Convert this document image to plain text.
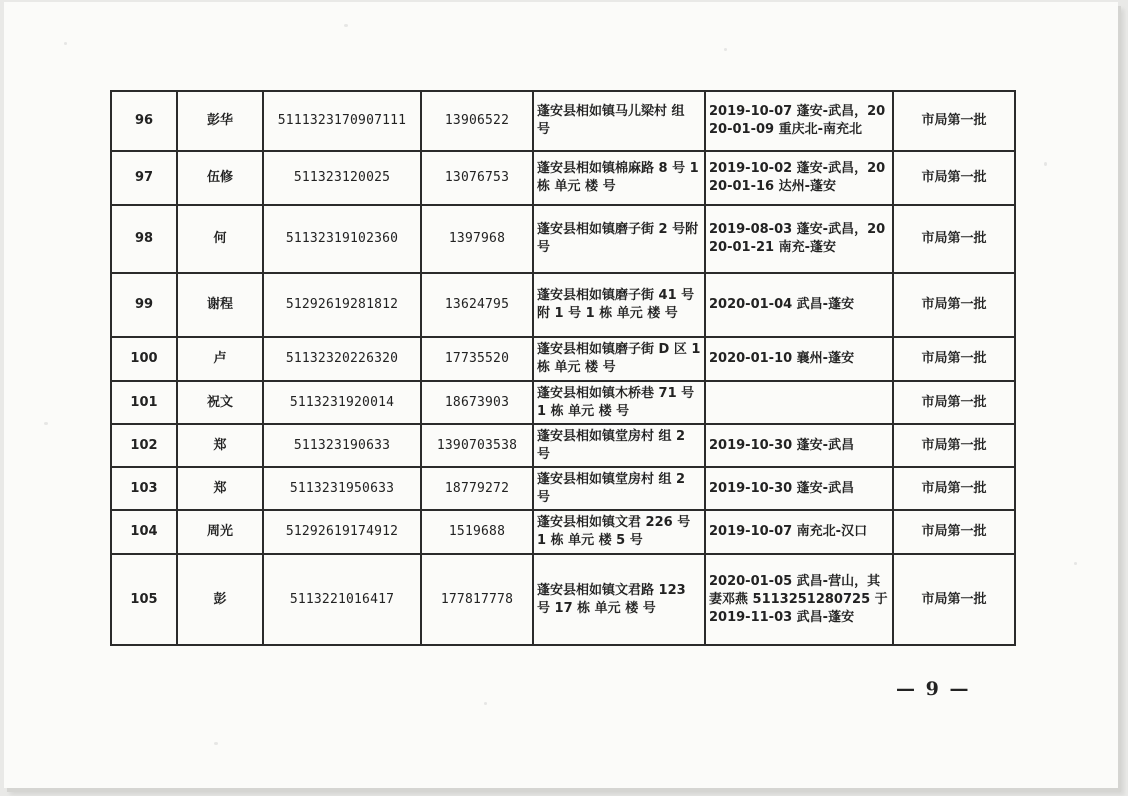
96	彭华	5111323170907111	13906522	蓬安县相如镇马儿梁村 组 号	2019-10-07 蓬安-武昌，2020-01-09 重庆北-南充北	市局第一批
97	伍修	511323120025	13076753	蓬安县相如镇棉麻路 8 号 1 栋 单元 楼 号	2019-10-02 蓬安-武昌，2020-01-16 达州-蓬安	市局第一批
98	何	51132319102360	1397968	蓬安县相如镇磨子街 2 号附 号	2019-08-03 蓬安-武昌，2020-01-21 南充-蓬安	市局第一批
99	谢程	51292619281812	13624795	蓬安县相如镇磨子街 41 号附 1 号 1 栋 单元 楼 号	2020-01-04 武昌-蓬安	市局第一批
100	卢	51132320226320	17735520	蓬安县相如镇磨子街 D 区 1 栋 单元 楼 号	2020-01-10 襄州-蓬安	市局第一批
101	祝文	5113231920014	18673903	蓬安县相如镇木桥巷 71 号 1 栋 单元 楼 号		市局第一批
102	郑	511323190633	1390703538	蓬安县相如镇堂房村 组 2 号	2019-10-30 蓬安-武昌	市局第一批
103	郑	5113231950633	18779272	蓬安县相如镇堂房村 组 2 号	2019-10-30 蓬安-武昌	市局第一批
104	周光	51292619174912	1519688	蓬安县相如镇文君 226 号 1 栋 单元 楼 5 号	2019-10-07 南充北-汉口	市局第一批
105	彭	5113221016417	177817778	蓬安县相如镇文君路 123 号 17 栋 单元 楼 号	2020-01-05 武昌-营山，其妻邓燕 5113251280725 于 2019-11-03 武昌-蓬安	市局第一批
— 9 —
